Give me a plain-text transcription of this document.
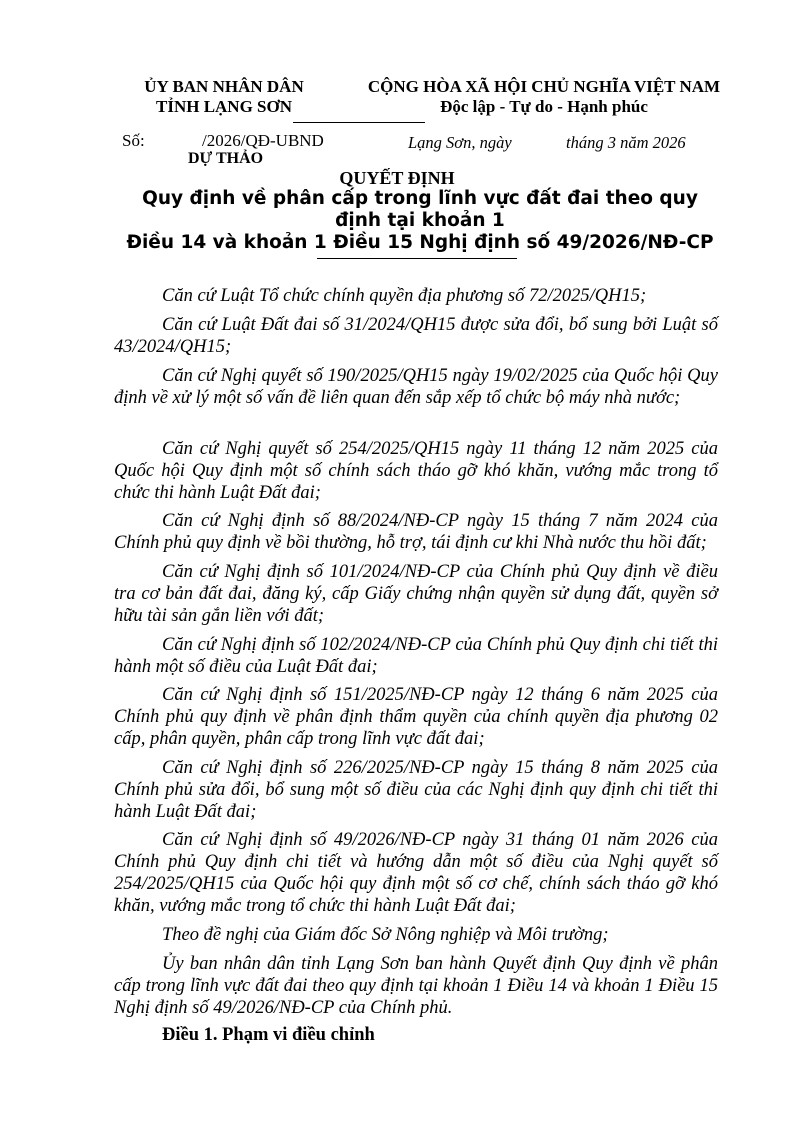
ỦY BAN NHÂN DÂN
TỈNH LẠNG SƠN
CỘNG HÒA XÃ HỘI CHỦ NGHĨA VIỆT NAM
Độc lập - Tự do - Hạnh phúc
Số:	/2026/QĐ-UBND
DỰ THẢO
Lạng Sơn, ngày	tháng 3 năm 2026
QUYẾT ĐỊNH
Quy định về phân cấp trong lĩnh vực đất đai theo quy
định tại khoản 1
Điều 14 và khoản 1 Điều 15 Nghị định số 49/2026/NĐ-CP
Căn cứ Luật Tổ chức chính quyền địa phương số 72/2025/QH15;
Căn cứ Luật Đất đai số 31/2024/QH15 được sửa đổi, bổ sung bởi Luật số 43/2024/QH15;
Căn cứ Nghị quyết số 190/2025/QH15 ngày 19/02/2025 của Quốc hội Quy định về xử lý một số vấn đề liên quan đến sắp xếp tổ chức bộ máy nhà nước;
Căn cứ Nghị quyết số 254/2025/QH15 ngày 11 tháng 12 năm 2025 của Quốc hội Quy định một số chính sách tháo gỡ khó khăn, vướng mắc trong tổ chức thi hành Luật Đất đai;
Căn cứ Nghị định số 88/2024/NĐ-CP ngày 15 tháng 7 năm 2024 của Chính phủ quy định về bồi thường, hỗ trợ, tái định cư khi Nhà nước thu hồi đất;
Căn cứ Nghị định số 101/2024/NĐ-CP của Chính phủ Quy định về điều tra cơ bản đất đai, đăng ký, cấp Giấy chứng nhận quyền sử dụng đất, quyền sở hữu tài sản gắn liền với đất;
Căn cứ Nghị định số 102/2024/NĐ-CP của Chính phủ Quy định chi tiết thi hành một số điều của Luật Đất đai;
Căn cứ Nghị định số 151/2025/NĐ-CP ngày 12 tháng 6 năm 2025 của Chính phủ quy định về phân định thẩm quyền của chính quyền địa phương 02 cấp, phân quyền, phân cấp trong lĩnh vực đất đai;
Căn cứ Nghị định số 226/2025/NĐ-CP ngày 15 tháng 8 năm 2025 của Chính phủ sửa đổi, bổ sung một số điều của các Nghị định quy định chi tiết thi hành Luật Đất đai;
Căn cứ Nghị định số 49/2026/NĐ-CP ngày 31 tháng 01 năm 2026 của Chính phủ Quy định chi tiết và hướng dẫn một số điều của Nghị quyết số 254/2025/QH15 của Quốc hội quy định một số cơ chế, chính sách tháo gỡ khó khăn, vướng mắc trong tổ chức thi hành Luật Đất đai;
Theo đề nghị của Giám đốc Sở Nông nghiệp và Môi trường;
Ủy ban nhân dân tỉnh Lạng Sơn ban hành Quyết định Quy định về phân cấp trong lĩnh vực đất đai theo quy định tại khoản 1 Điều 14 và khoản 1 Điều 15 Nghị định số 49/2026/NĐ-CP của Chính phủ.
Điều 1. Phạm vi điều chỉnh
